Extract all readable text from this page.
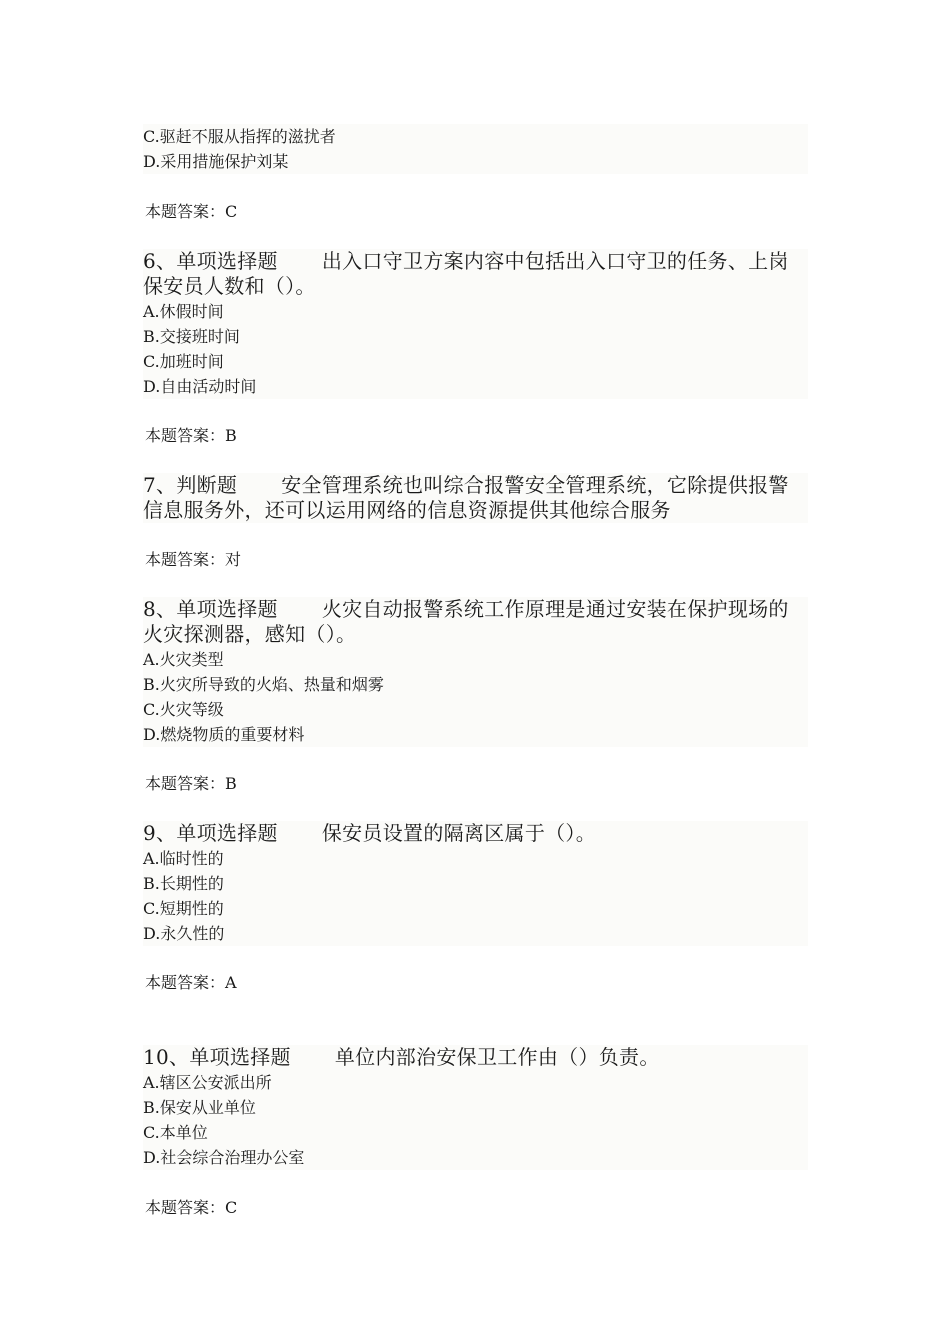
C.驱赶不服从指挥的滋扰者
D.采用措施保护刘某
本题答案：C
6、单项选择题 出入口守卫方案内容中包括出入口守卫的任务、上岗保安员人数和（）。
A.休假时间
B.交接班时间
C.加班时间
D.自由活动时间
本题答案：B
7、判断题 安全管理系统也叫综合报警安全管理系统，它除提供报警信息服务外，还可以运用网络的信息资源提供其他综合服务
本题答案：对
8、单项选择题 火灾自动报警系统工作原理是通过安装在保护现场的火灾探测器，感知（）。
A.火灾类型
B.火灾所导致的火焰、热量和烟雾
C.火灾等级
D.燃烧物质的重要材料
本题答案：B
9、单项选择题 保安员设置的隔离区属于（）。
A.临时性的
B.长期性的
C.短期性的
D.永久性的
本题答案：A
10、单项选择题 单位内部治安保卫工作由（）负责。
A.辖区公安派出所
B.保安从业单位
C.本单位
D.社会综合治理办公室
本题答案：C
